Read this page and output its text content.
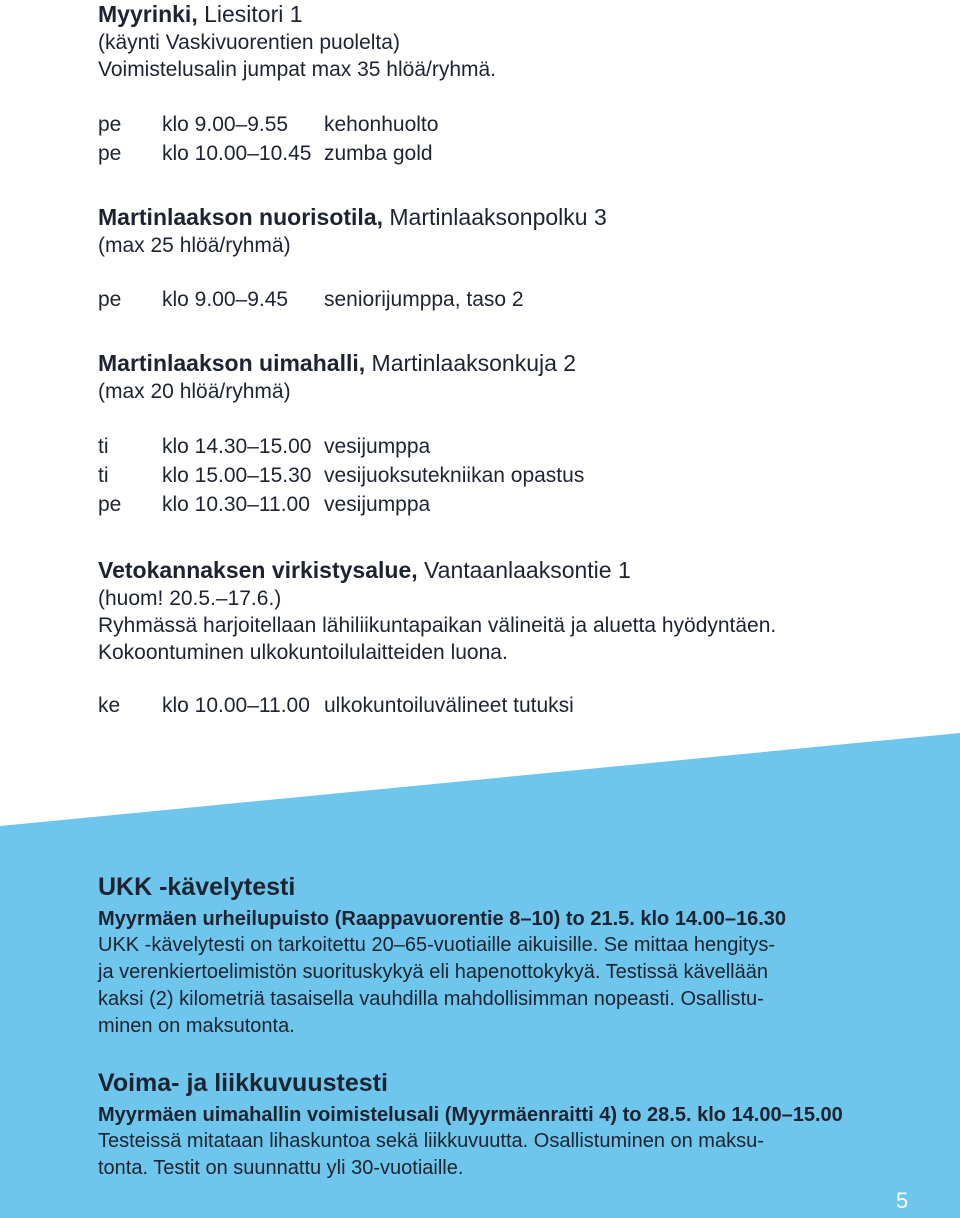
Myyrinki, Liesitori 1
(käynti Vaskivuorentien puolelta)
Voimistelusalin jumpat max 35 hlöä/ryhmä.
pe	klo 9.00–9.55	kehonhuolto
pe	klo 10.00–10.45 zumba gold
Martinlaakson nuorisotila, Martinlaaksonpolku 3
(max 25 hlöä/ryhmä)
pe	klo 9.00–9.45	seniorijumppa, taso 2
Martinlaakson uimahalli, Martinlaaksonkuja 2
(max 20 hlöä/ryhmä)
ti	klo 14.30–15.00 vesijumppa
ti	klo 15.00–15.30 vesijuoksutekniikan opastus
pe	klo 10.30–11.00 vesijumppa
Vetokannaksen virkistysalue, Vantaanlaaksontie 1
(huom! 20.5.–17.6.)
Ryhmässä harjoitellaan lähiliikuntapaikan välineitä ja aluetta hyödyntäen.
Kokoontuminen ulkokuntoilulaitteiden luona.
ke	klo 10.00–11.00 ulkokuntoiluvälineet tutuksi
UKK -kävelytesti
Myyrmäen urheilupuisto (Raappavuorentie 8–10) to 21.5. klo 14.00–16.30
UKK -kävelytesti on tarkoitettu 20–65-vuotiaille aikuisille. Se mittaa hengitys-
ja verenkiertoelimistön suorituskykyä eli hapenottokykyä. Testissä kävellään
kaksi (2) kilometriä tasaisella vauhdilla mahdollisimman nopeasti. Osallistu-
minen on maksutonta.
Voima- ja liikkuvuustesti
Myyrmäen uimahallin voimistelusali (Myyrmäenraitti 4) to 28.5. klo 14.00–15.00
Testeissä mitataan lihaskuntoa sekä liikkuvuutta. Osallistuminen on maksu-
tonta. Testit on suunnattu yli 30-vuotiaille.
5
